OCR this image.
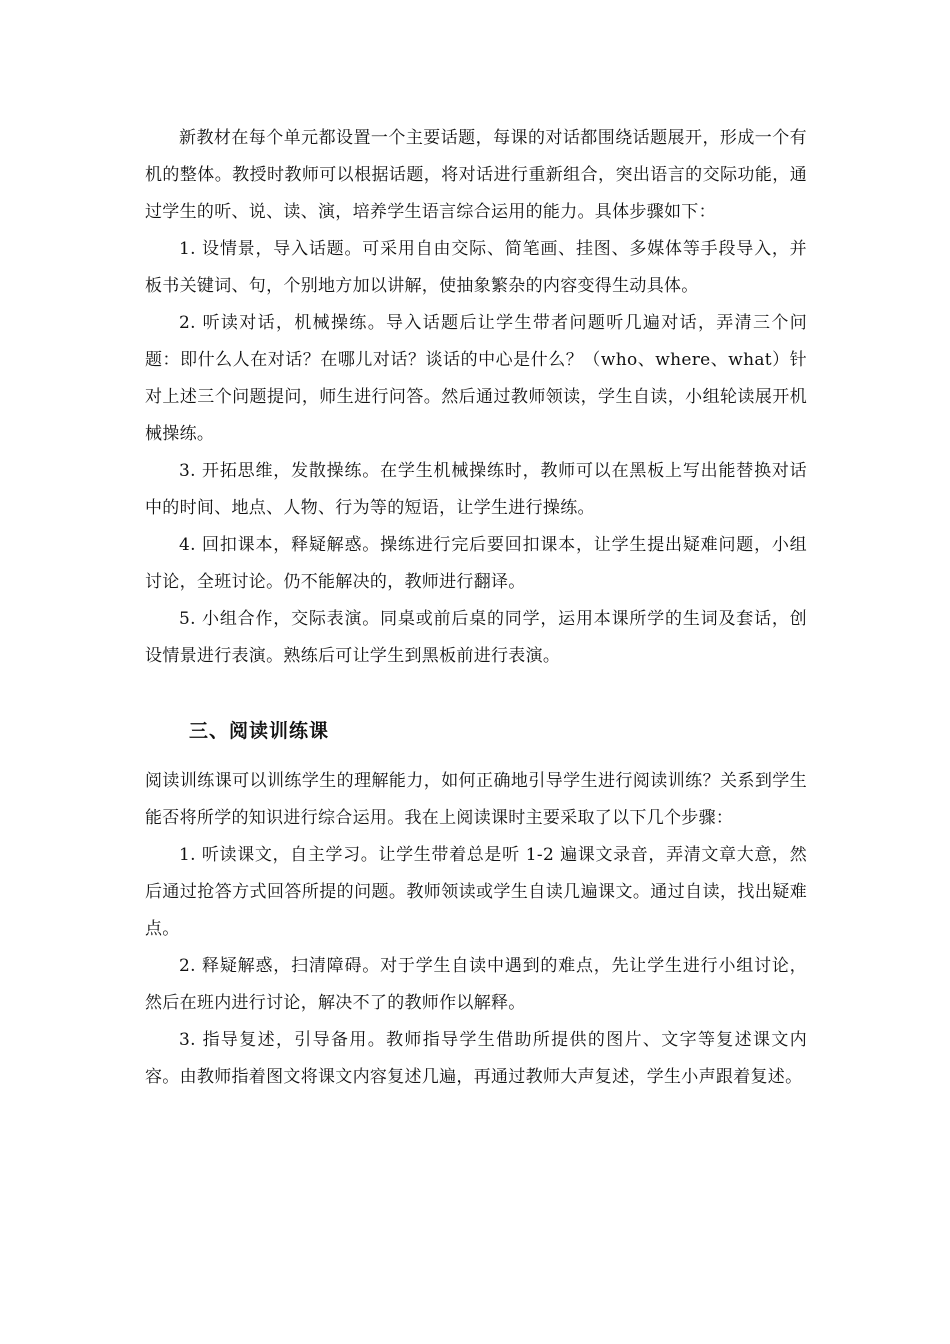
新教材在每个单元都设置一个主要话题，每课的对话都围绕话题展开，形成一个有机的整体。教授时教师可以根据话题，将对话进行重新组合，突出语言的交际功能，通过学生的听、说、读、演，培养学生语言综合运用的能力。具体步骤如下：

1. 设情景，导入话题。可采用自由交际、简笔画、挂图、多媒体等手段导入，并板书关键词、句，个别地方加以讲解，使抽象繁杂的内容变得生动具体。

2. 听读对话，机械操练。导入话题后让学生带者问题听几遍对话，弄清三个问题：即什么人在对话？在哪儿对话？谈话的中心是什么？（who、where、what）针对上述三个问题提问，师生进行问答。然后通过教师领读，学生自读，小组轮读展开机械操练。

3. 开拓思维，发散操练。在学生机械操练时，教师可以在黑板上写出能替换对话中的时间、地点、人物、行为等的短语，让学生进行操练。

4. 回扣课本，释疑解惑。操练进行完后要回扣课本，让学生提出疑难问题，小组讨论，全班讨论。仍不能解决的，教师进行翻译。

5. 小组合作，交际表演。同桌或前后桌的同学，运用本课所学的生词及套话，创设情景进行表演。熟练后可让学生到黑板前进行表演。

三、阅读训练课

阅读训练课可以训练学生的理解能力，如何正确地引导学生进行阅读训练？关系到学生能否将所学的知识进行综合运用。我在上阅读课时主要采取了以下几个步骤：

1. 听读课文，自主学习。让学生带着总是听 1-2 遍课文录音，弄清文章大意，然后通过抢答方式回答所提的问题。教师领读或学生自读几遍课文。通过自读，找出疑难点。

2. 释疑解惑，扫清障碍。对于学生自读中遇到的难点，先让学生进行小组讨论，然后在班内进行讨论，解决不了的教师作以解释。

3. 指导复述，引导备用。教师指导学生借助所提供的图片、文字等复述课文内容。由教师指着图文将课文内容复述几遍，再通过教师大声复述，学生小声跟着复述。
